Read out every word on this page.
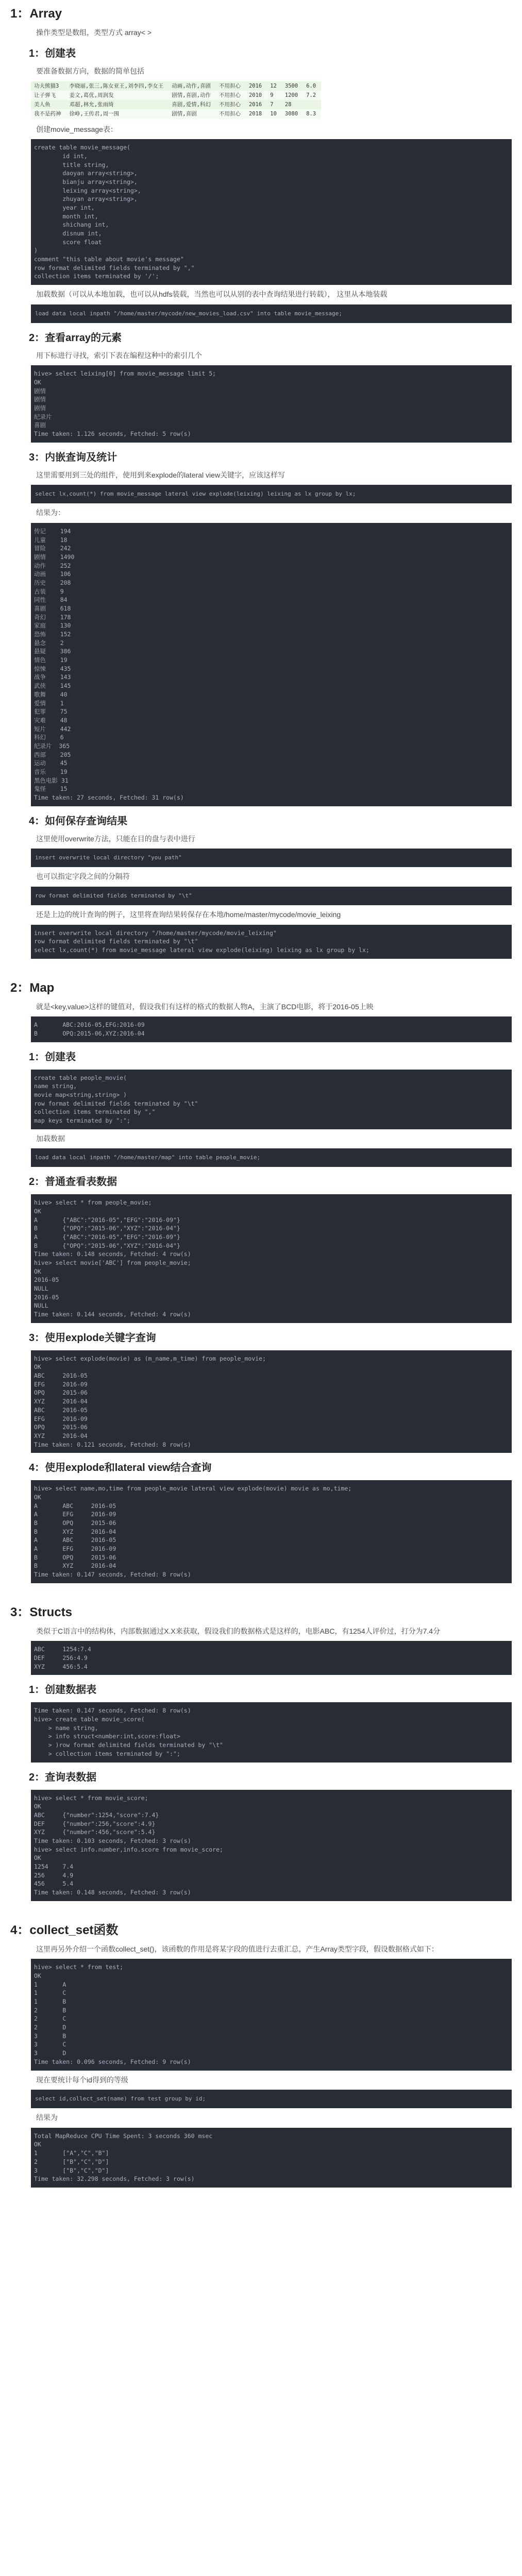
1：Array

操作类型是数组，类型方式 array< >

1：创建表

要准备数据方向，数据的简单包括

功夫熊猫3	李晓丽,张三,陈女亚王,刘李四,李女王	动画,动作,喜剧	不用担心	2016	12	3500	6.0
让子弹飞	姜文,葛优,周润发	剧情,喜剧,动作	不用担心	2010	9	1200	7.2
美人鱼	邓超,林允,张雨绮	喜剧,爱情,科幻	不用担心	2016	7	28	
我不是药神	徐峥,王传君,周一围	剧情,喜剧	不用担心	2018	10	3080	8.3

创建movie_message表：

create table movie_message(
id int,
title string,
daoyan array<string>,
bianju array<string>,
leixing array<string>,
zhuyan array<string>,
year int,
month int,
shichang int,
disnum int,
score float
)
comment "this table about movie's message"
row format delimited fields terminated by ","
collection items terminated by '/';

加载数据（可以从本地加载，也可以从hdfs装载，当然也可以从别的表中查询结果进行转载）， 这里从本地装载

load data local inpath "/home/master/mycode/new_movies_load.csv" into table movie_message;
2：查看array的元素

用下标进行寻找，索引下表在编程这种中的索引几个

hive> select leixing[0] from movie_message limit 5;
OK
剧情
剧情
剧情
纪录片
喜剧
Time taken: 1.126 seconds, Fetched: 5 row(s)
3：内嵌查询及统计

这里需要用到三处的组件，使用到来explode的lateral view关键字，应该这样写

select lx,count(*) from movie_message lateral view explode(leixing) leixing as lx group by lx;

结果为：

传记    194
儿童    18
冒险    242
剧情    1490
动作    252
动画    106
历史    208
古装    9
同性    84
喜剧    618
奇幻    178
家庭    130
恐怖    152
悬念    2
悬疑    386
情色    19
惊悚    435
战争    143
武侠    145
歌舞    40
爱情    1
犯罪    75
灾难    48
短片    442
科幻    6
纪录片  365
西部    205
运动    45
音乐    19
黑色电影 31
鬼怪    15
Time taken: 27 seconds, Fetched: 31 row(s)
4：如何保存查询结果

这里使用overwrite方法，只能在目的盘与表中进行

insert overwrite local directory "you path"

也可以指定字段之间的分隔符

row format delimited fields terminated by "\t"

还是上边的统计查询的例子，这里将查询结果转保存在本地/home/master/mycode/movie_leixing

insert overwrite local directory "/home/master/mycode/movie_leixing"
row format delimited fields terminated by "\t"
select lx,count(*) from movie_message lateral view explode(leixing) leixing as lx group by lx;
2：Map

就是<key,value>这样的键值对，假设我们有这样的格式的数据人物A，主演了BCD电影，将于2016-05上映

A       ABC:2016-05,EFG:2016-09
B       OPQ:2015-06,XYZ:2016-04
1：创建表
create table people_movie(
name string,
movie map<string,string> )
row format delimited fields terminated by "\t"
collection items terminated by ","
map keys terminated by ":";

加载数据

load data local inpath "/home/master/map" into table people_movie;
2：普通查看表数据
hive> select * from people_movie;
OK
A       {"ABC":"2016-05","EFG":"2016-09"}
B       {"OPQ":"2015-06","XYZ":"2016-04"}
A       {"ABC":"2016-05","EFG":"2016-09"}
B       {"OPQ":"2015-06","XYZ":"2016-04"}
Time taken: 0.148 seconds, Fetched: 4 row(s)
hive> select movie['ABC'] from people_movie;
OK
2016-05
NULL
2016-05
NULL
Time taken: 0.144 seconds, Fetched: 4 row(s)
3：使用explode关键字查询
hive> select explode(movie) as (m_name,m_time) from people_movie;
OK
ABC     2016-05
EFG     2016-09
OPQ     2015-06
XYZ     2016-04
ABC     2016-05
EFG     2016-09
OPQ     2015-06
XYZ     2016-04
Time taken: 0.121 seconds, Fetched: 8 row(s)
4：使用explode和lateral view结合查询
hive> select name,mo,time from people_movie lateral view explode(movie) movie as mo,time;
OK
A       ABC     2016-05
A       EFG     2016-09
B       OPQ     2015-06
B       XYZ     2016-04
A       ABC     2016-05
A       EFG     2016-09
B       OPQ     2015-06
B       XYZ     2016-04
Time taken: 0.147 seconds, Fetched: 8 row(s)
3：Structs

类似于C语言中的结构体，内部数据通过X.X来获取，假设我们的数据格式是这样的，电影ABC，有1254人评价过，打分为7.4分

ABC     1254:7.4
DEF     256:4.9
XYZ     456:5.4
1：创建数据表
Time taken: 0.147 seconds, Fetched: 8 row(s)
hive> create table movie_score(
> name string,
> info struct<number:int,score:float>
> )row format delimited fields terminated by "\t"
> collection items terminated by ":";
2：查询表数据
hive> select * from movie_score;
OK
ABC     {"number":1254,"score":7.4}
DEF     {"number":256,"score":4.9}
XYZ     {"number":456,"score":5.4}
Time taken: 0.103 seconds, Fetched: 3 row(s)
hive> select info.number,info.score from movie_score;
OK
1254    7.4
256     4.9
456     5.4
Time taken: 0.148 seconds, Fetched: 3 row(s)
4：collect_set函数

这里再另外介绍一个函数collect_set()，该函数的作用是将某字段的值进行去重汇总，产生Array类型字段，假设数据格式如下：

hive> select * from test;
OK
1       A
1       C
1       B
2       B
2       C
2       D
3       B
3       C
3       D
Time taken: 0.096 seconds, Fetched: 9 row(s)

现在要统计每个id得到的等级

select id,collect_set(name) from test group by id;

结果为

Total MapReduce CPU Time Spent: 3 seconds 360 msec
OK
1       ["A","C","B"]
2       ["B","C","D"]
3       ["B","C","D"]
Time taken: 32.298 seconds, Fetched: 3 row(s)
